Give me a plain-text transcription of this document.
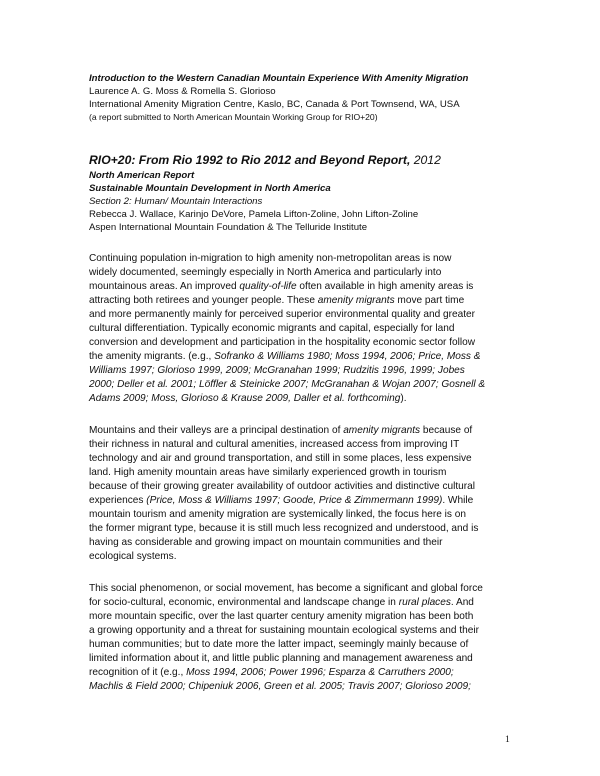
Introduction to the Western Canadian Mountain Experience With Amenity Migration
Laurence A. G. Moss & Romella S. Glorioso
International Amenity Migration Centre, Kaslo, BC, Canada & Port Townsend, WA, USA
(a report submitted to North American Mountain Working Group for RIO+20)
RIO+20: From Rio 1992 to Rio 2012 and Beyond Report, 2012
North American Report
Sustainable Mountain Development in North America
Section 2: Human/ Mountain Interactions
Rebecca J. Wallace, Karinjo DeVore, Pamela Lifton-Zoline, John Lifton-Zoline
Aspen International Mountain Foundation & The Telluride Institute
Continuing population in-migration to high amenity non-metropolitan areas is now
widely documented, seemingly especially in North America and particularly into
mountainous areas. An improved quality-of-life often available in high amenity areas is
attracting both retirees and younger people. These amenity migrants move part time
and more permanently mainly for perceived superior environmental quality and greater
cultural differentiation. Typically economic migrants and capital, especially for land
conversion and development and participation in the hospitality economic sector follow
the amenity migrants. (e.g., Sofranko & Williams 1980; Moss 1994, 2006; Price, Moss &
Williams 1997; Glorioso 1999, 2009; McGranahan 1999; Rudzitis 1996, 1999; Jobes
2000; Deller et al. 2001; Löffler & Steinicke 2007; McGranahan & Wojan 2007; Gosnell &
Adams 2009; Moss, Glorioso & Krause 2009, Daller et al. forthcoming).
Mountains and their valleys are a principal destination of amenity migrants because of
their richness in natural and cultural amenities, increased access from improving IT
technology and air and ground transportation, and still in some places, less expensive
land. High amenity mountain areas have similarly experienced growth in tourism
because of their growing greater availability of outdoor activities and distinctive cultural
experiences (Price, Moss & Williams 1997; Goode, Price & Zimmermann 1999). While
mountain tourism and amenity migration are systemically linked, the focus here is on
the former migrant type, because it is still much less recognized and understood, and is
having as considerable and growing impact on mountain communities and their
ecological systems.
This social phenomenon, or social movement, has become a significant and global force
for socio-cultural, economic, environmental and landscape change in rural places. And
more mountain specific, over the last quarter century amenity migration has been both
a growing opportunity and a threat for sustaining mountain ecological systems and their
human communities; but to date more the latter impact, seemingly mainly because of
limited information about it, and little public planning and management awareness and
recognition of it (e.g., Moss 1994, 2006; Power 1996; Esparza & Carruthers 2000;
Machlis & Field 2000; Chipeniuk 2006, Green et al. 2005; Travis 2007; Glorioso 2009;
1
